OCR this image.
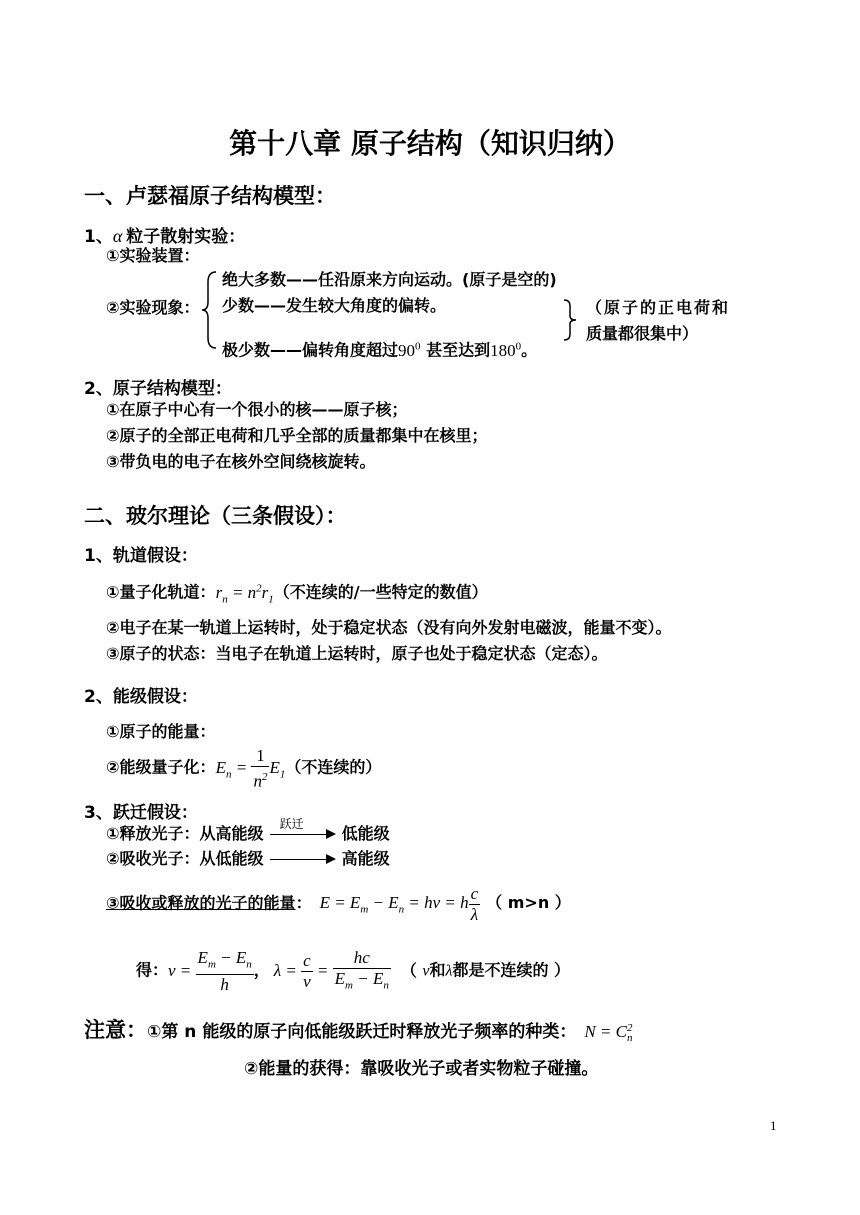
第十八章 原子结构（知识归纳）
一、卢瑟福原子结构模型：
1、α 粒子散射实验：
①实验装置：
②实验现象：
绝大多数——任沿原来方向运动。(原子是空的)
少数——发生较大角度的偏转。
极少数——偏转角度超过$90^0$ 甚至达到$180^0$。
（原子的正电荷和
质量都很集中）
2、原子结构模型：
①在原子中心有一个很小的核——原子核；
②原子的全部正电荷和几乎全部的质量都集中在核里；
③带负电的电子在核外空间绕核旋转。
二、玻尔理论（三条假设）：
1、轨道假设：
①量子化轨道：$r_n = n^2r_1$（不连续的/一些特定的数值）
②电子在某一轨道上运转时，处于稳定状态（没有向外发射电磁波，能量不变）。
③原子的状态：当电子在轨道上运转时，原子也处于稳定状态（定态）。
2、能级假设：
①原子的能量：
②能级量子化：$E_n = \frac{1}{n^2} E_1$（不连续的）
3、跃迁假设：
①释放光子：从高能级
跃迁
低能级
②吸收光子：从低能级	高能级
③吸收或释放的光子的能量： $E = E_m - E_n = h\nu = h \frac{c}{\lambda}$ （ m>n ）
得：$\nu = \frac{E_m - E_n}{h}$ ， $\lambda = \frac{c}{\nu} = \frac{hc}{E_m - E_n}$ （ ν和λ都是不连续的 ）
注意：①第 n 能级的原子向低能级跃迁时释放光子频率的种类： N = C 2
n
②能量的获得：靠吸收光子或者实物粒子碰撞。
1
